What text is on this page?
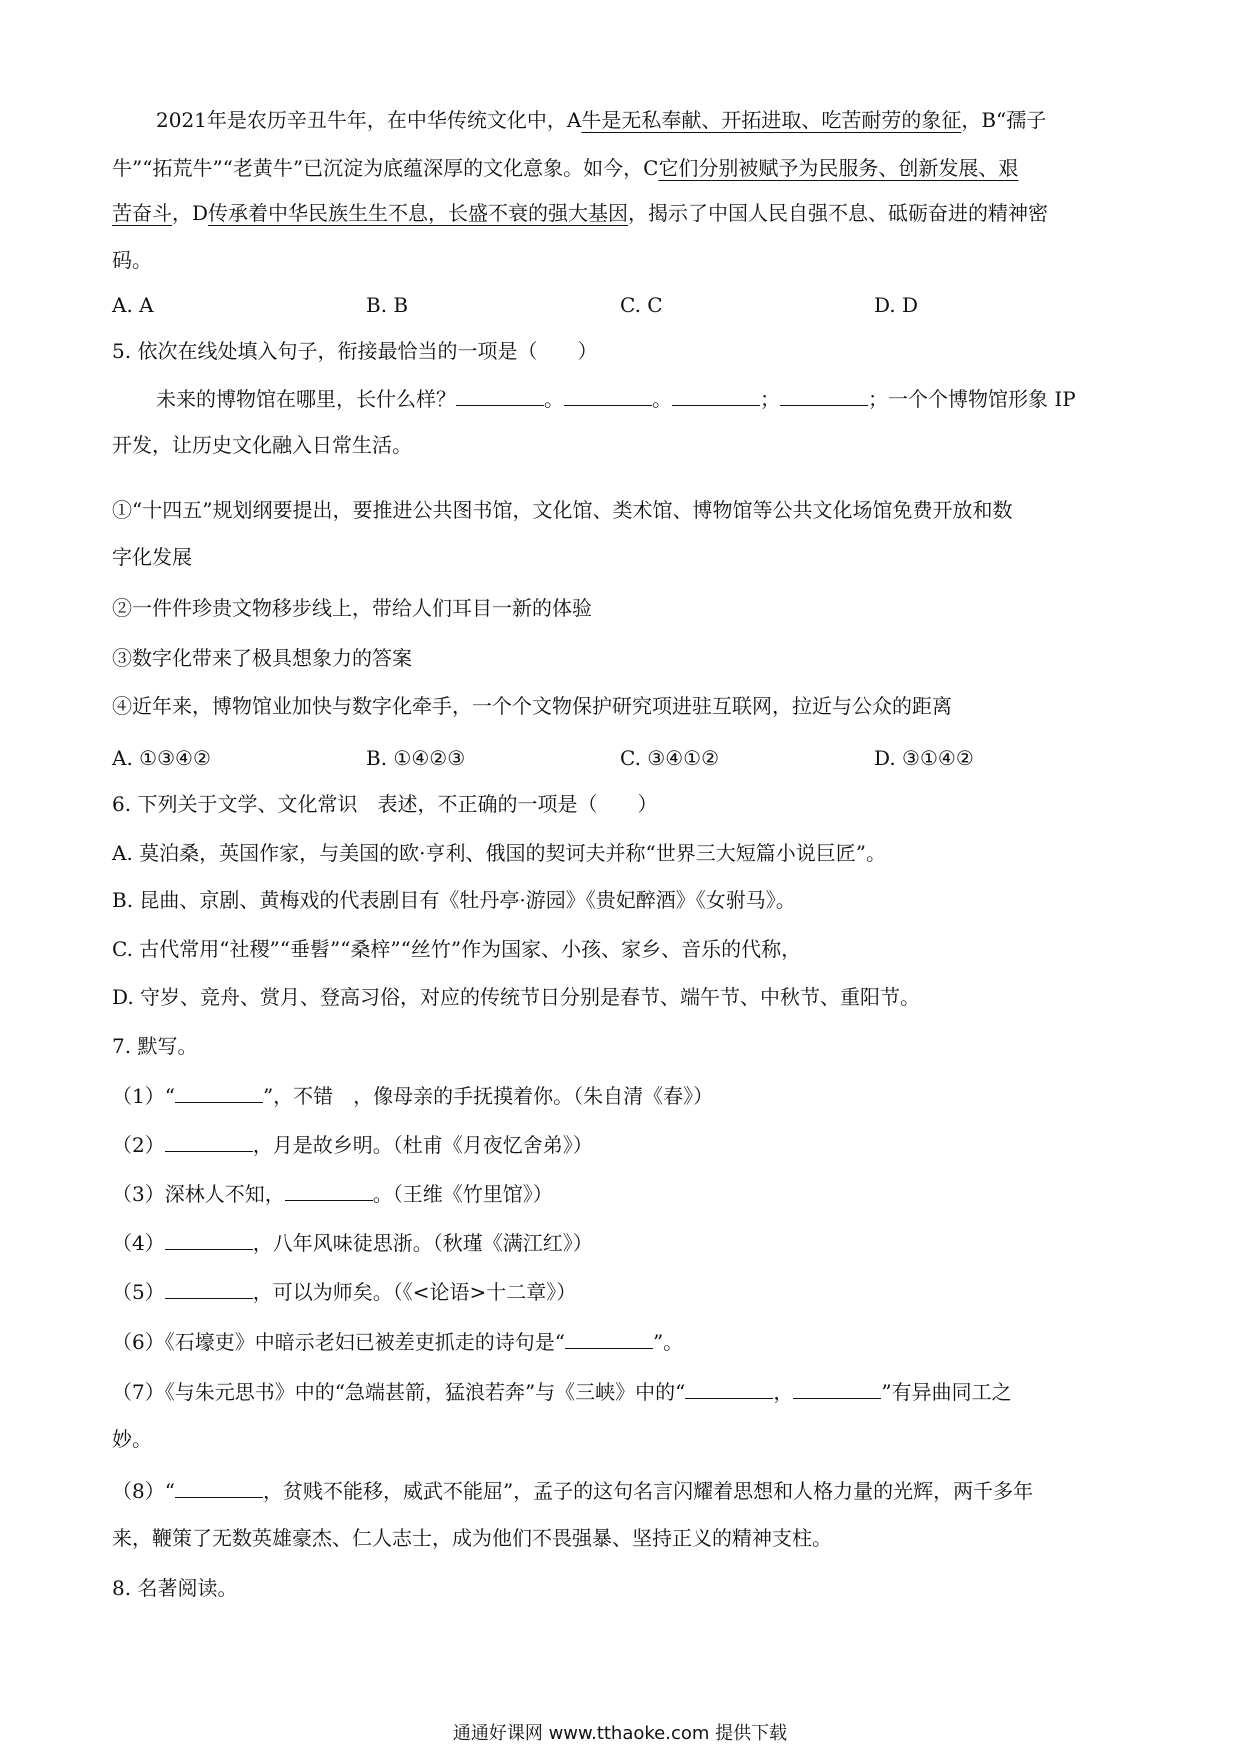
2021年是农历辛丑牛年，在中华传统文化中，A牛是无私奉献、开拓进取、吃苦耐劳的象征，B“孺子
牛”“拓荒牛”“老黄牛”已沉淀为底蕴深厚的文化意象。如今，C它们分别被赋予为民服务、创新发展、艰
苦奋斗，D传承着中华民族生生不息，长盛不衰的强大基因，揭示了中国人民自强不息、砥砺奋进的精神密
码。
A. A	B. B	C. C	D. D
5. 依次在线处填入句子，衔接最恰当的一项是（　　）
未来的博物馆在哪里，长什么样？	。	。	；	；一个个博物馆形象 IP
开发，让历史文化融入日常生活。
①“十四五”规划纲要提出，要推进公共图书馆，文化馆、类术馆、博物馆等公共文化场馆免费开放和数
字化发展
②一件件珍贵文物移步线上，带给人们耳目一新的体验
③数字化带来了极具想象力的答案
④近年来，博物馆业加快与数字化牵手，一个个文物保护研究项进驻互联网，拉近与公众的距离
A. ①③④②	B. ①④②③	C. ③④①②	D. ③①④②
6. 下列关于文学、文化常识　表述，不正确的一项是（　　）
A. 莫泊桑，英国作家，与美国的欧·亨利、俄国的契诃夫并称“世界三大短篇小说巨匠”。
B. 昆曲、京剧、黄梅戏的代表剧目有《牡丹亭·游园》《贵妃醉酒》《女驸马》。
C. 古代常用“社稷”“垂髫”“桑梓”“丝竹”作为国家、小孩、家乡、音乐的代称，
D. 守岁、竞舟、赏月、登高习俗，对应的传统节日分别是春节、端午节、中秋节、重阳节。
7. 默写。
（1）“	”，不错　，像母亲的手抚摸着你。（朱自清《春》）
（2）	，月是故乡明。（杜甫《月夜忆舍弟》）
（3）深林人不知，	。（王维《竹里馆》）
（4）	，八年风味徒思浙。（秋瑾《满江红》）
（5）	，可以为师矣。（《<论语>十二章》）
（6）《石壕吏》中暗示老妇已被差吏抓走的诗句是“	”。
（7）《与朱元思书》中的“急端甚箭，猛浪若奔”与《三峡》中的“	，	”有异曲同工之
妙。
（8）“	，贫贱不能移，威武不能屈”，孟子的这句名言闪耀着思想和人格力量的光辉，两千多年
来，鞭策了无数英雄豪杰、仁人志士，成为他们不畏强暴、坚持正义的精神支柱。
8. 名著阅读。
通通好课网 www.tthaoke.com 提供下载
